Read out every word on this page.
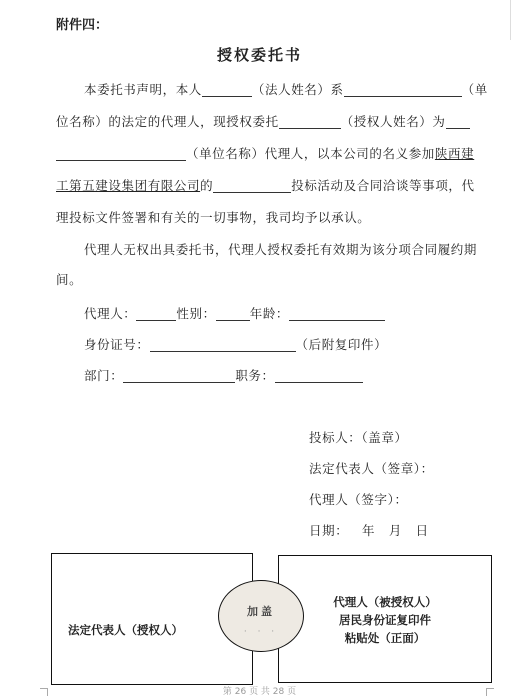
附件四：
授权委托书
本委托书声明，本人	（法人姓名）系	（单
位名称）的法定的代理人，现授权委托	（授权人姓名）为
（单位名称）代理人，以本公司的名义参加陕西建
工第五建设集团有限公司的	投标活动及合同洽谈等事项，代
理投标文件签署和有关的一切事物，我司均予以承认。
代理人无权出具委托书，代理人授权委托有效期为该分项合同履约期
间。
代理人：	性别：	年龄：
身份证号：	（后附复印件）
部门：	职务：
投标人：（盖章）
法定代表人（签章）：
代理人（签字）：
日期：   年   月   日
法定代表人（授权人）
代理人（被授权人）
居民身份证复印件
粘贴处（正面）
加盖
· · ·
第 26 页 共 28 页
